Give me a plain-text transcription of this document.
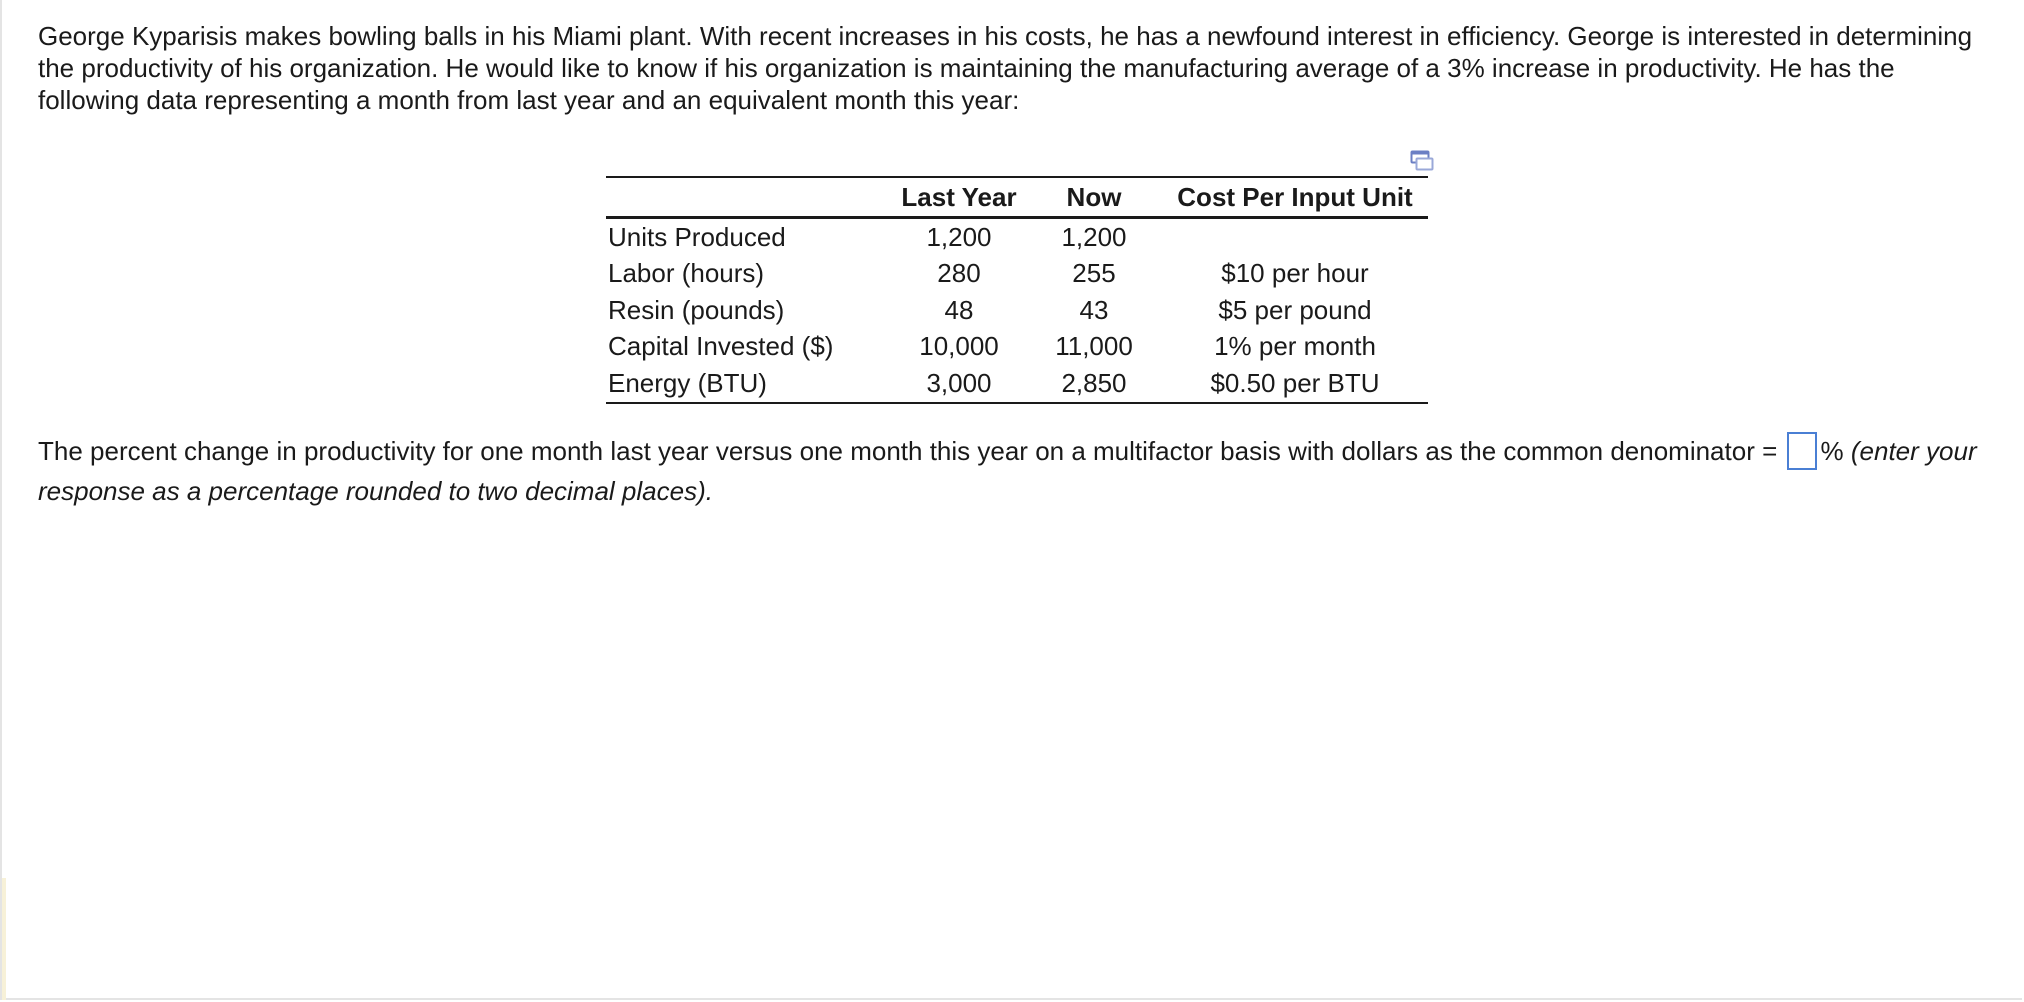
George Kyparisis makes bowling balls in his Miami plant. With recent increases in his costs, he has a newfound interest in efficiency. George is interested in determining the productivity of his organization. He would like to know if his organization is maintaining the manufacturing average of a 3% increase in productivity. He has the following data representing a month from last year and an equivalent month this year:

	Last Year	Now	Cost Per Input Unit
Units Produced	1,200	1,200	
Labor (hours)	280	255	$10 per hour
Resin (pounds)	48	43	$5 per pound
Capital Invested ($)	10,000	11,000	1% per month
Energy (BTU)	3,000	2,850	$0.50 per BTU

The percent change in productivity for one month last year versus one month this year on a multifactor basis with dollars as the common denominator = % (enter your response as a percentage rounded to two decimal places).
